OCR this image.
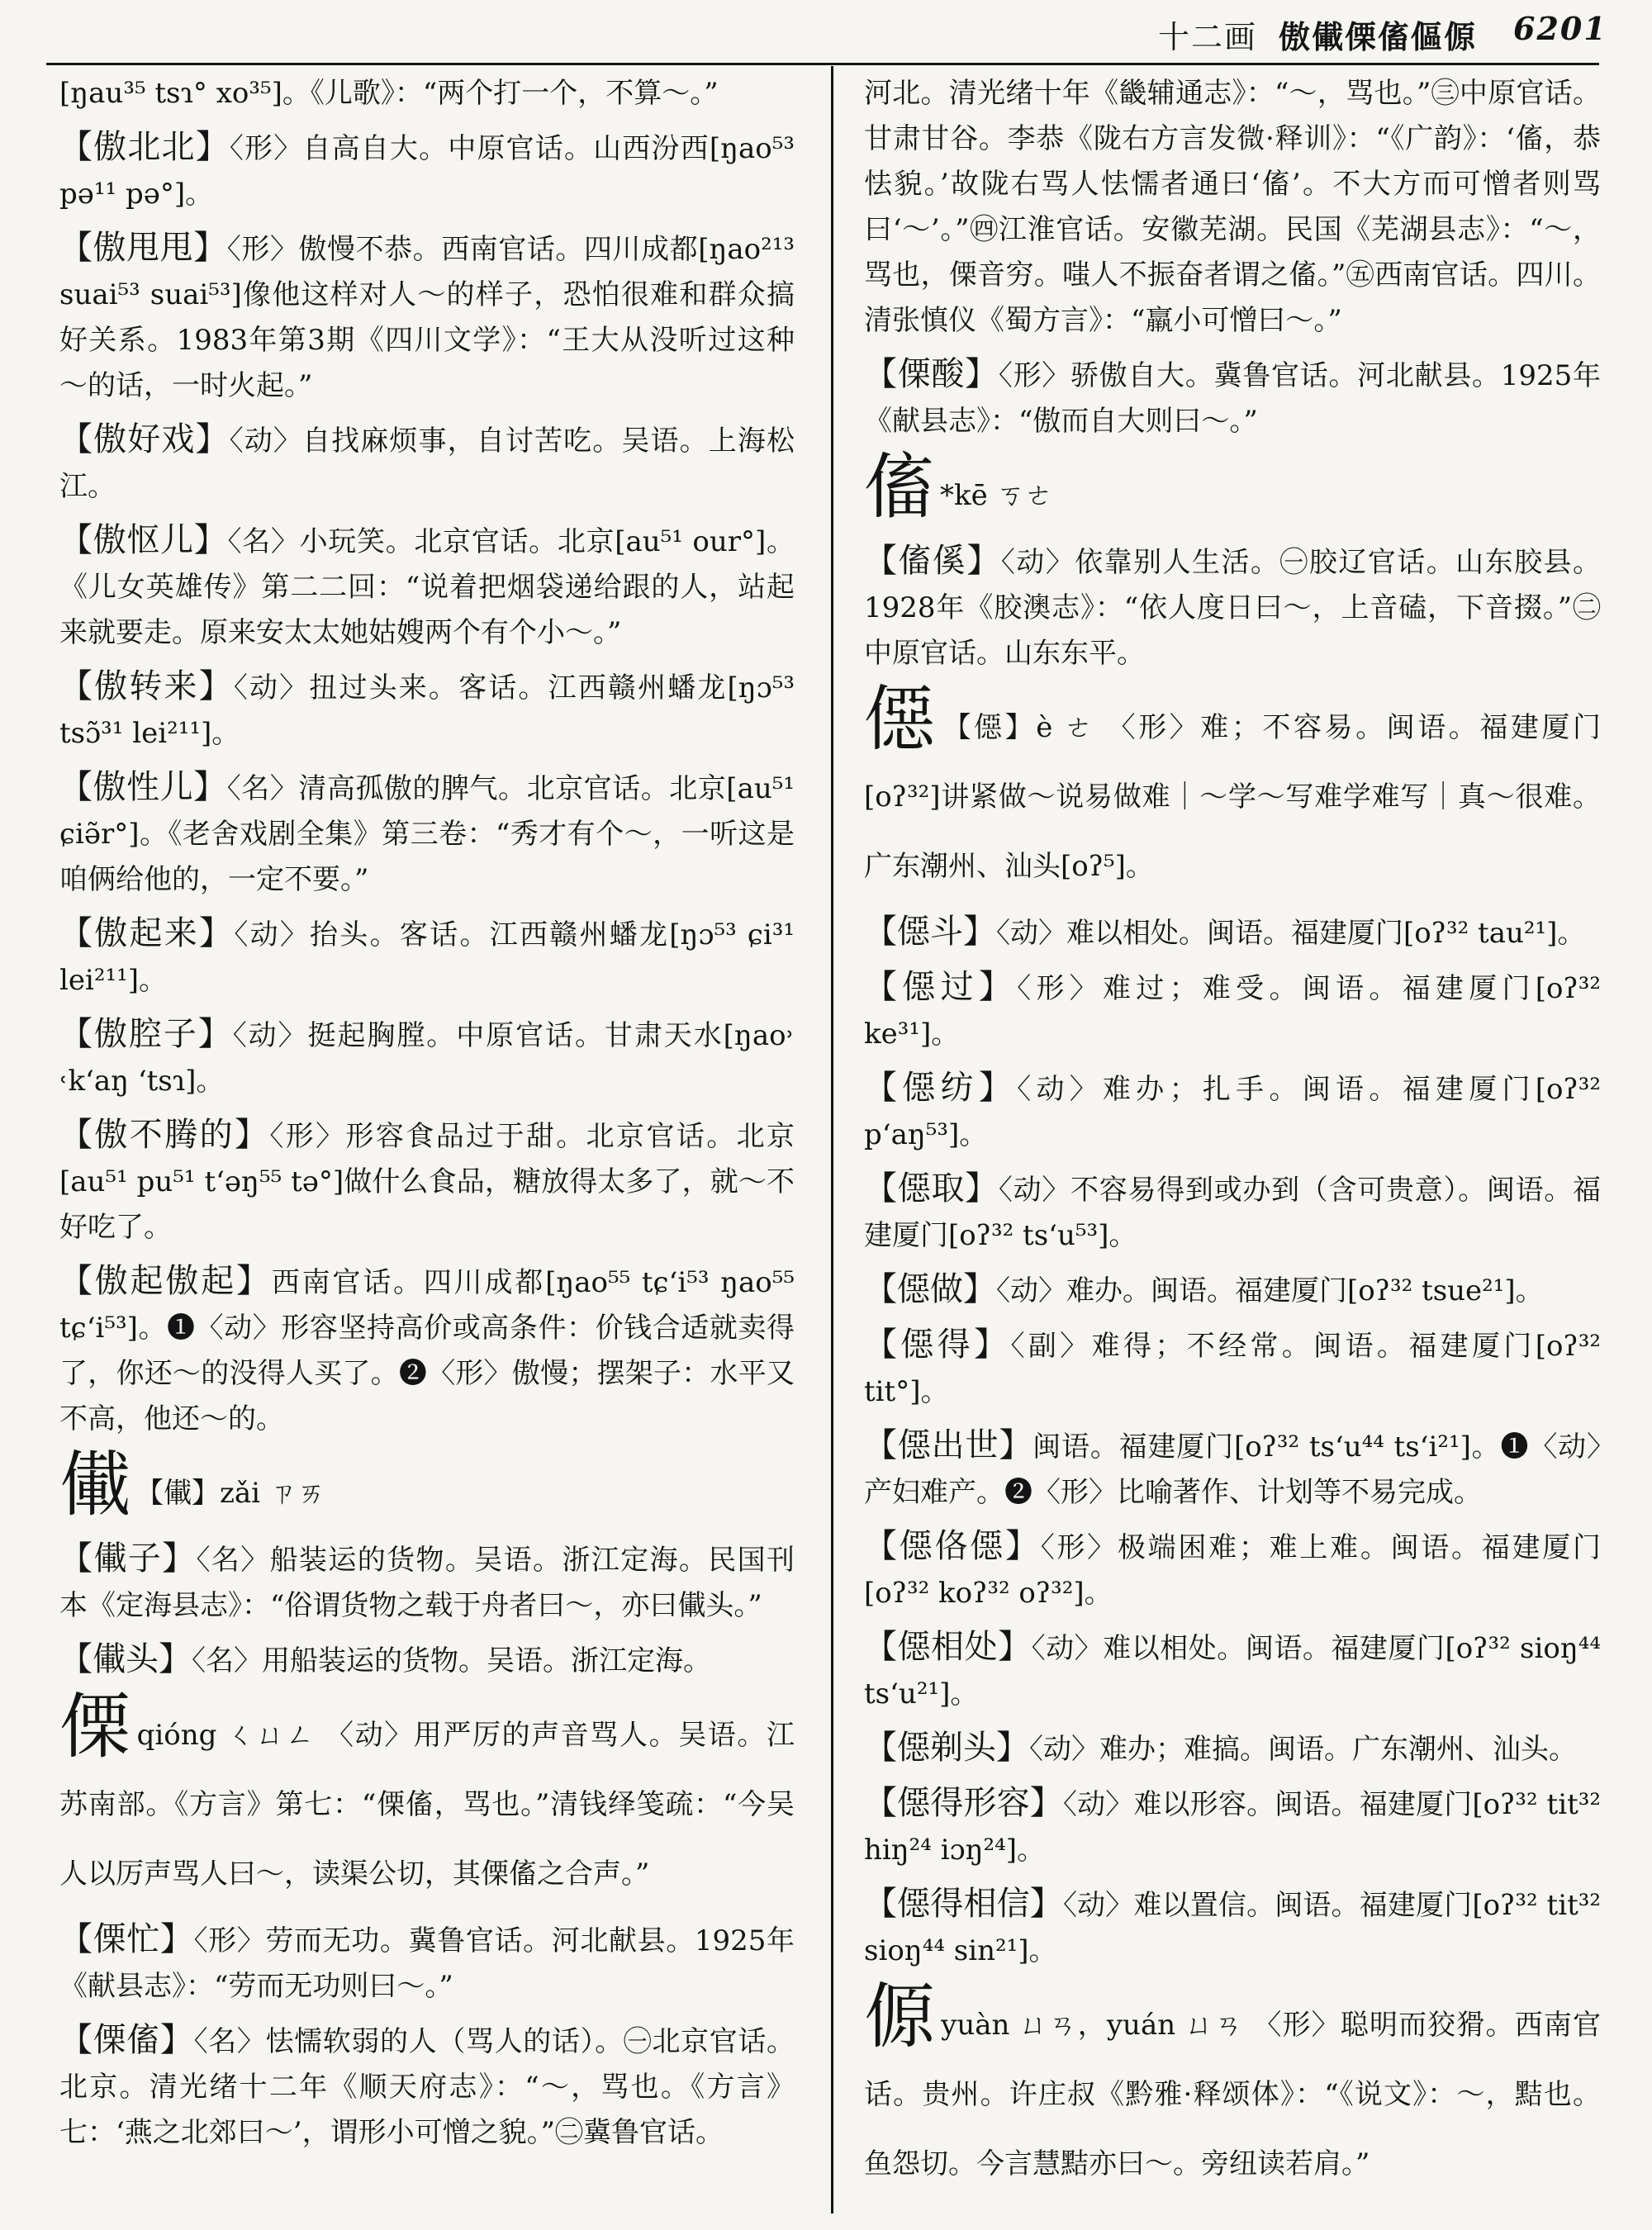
十二画 傲儎傈傗傴傆 6201

[ŋau³⁵ tsɿ° xo³⁵]。《儿歌》：“两个打一个，不算～。”

【傲北北】〈形〉自高自大。中原官话。山西汾西[ŋao⁵³ pə¹¹ pə°]。

【傲甩甩】〈形〉傲慢不恭。西南官话。四川成都[ŋao²¹³ suai⁵³ suai⁵³]像他这样对人～的样子，恐怕很难和群众搞好关系。1983年第3期《四川文学》：“王大从没听过这种～的话，一时火起。”

【傲好戏】〈动〉自找麻烦事，自讨苦吃。吴语。上海松江。

【傲怄儿】〈名〉小玩笑。北京官话。北京[au⁵¹ our°]。《儿女英雄传》第二二回：“说着把烟袋递给跟的人，站起来就要走。原来安太太她姑嫂两个有个小～。”

【傲转来】〈动〉扭过头来。客话。江西赣州蟠龙[ŋɔ⁵³ tsɔ̃³¹ lei²¹¹]。

【傲性儿】〈名〉清高孤傲的脾气。北京官话。北京[au⁵¹ ɕiə̃r°]。《老舍戏剧全集》第三卷：“秀才有个～，一听这是咱俩给他的，一定不要。”

【傲起来】〈动〉抬头。客话。江西赣州蟠龙[ŋɔ⁵³ ɕi³¹ lei²¹¹]。

【傲腔子】〈动〉挺起胸膛。中原官话。甘肃天水[ŋao˒ ˓k‘aŋ ‘tsɿ]。

【傲不腾的】〈形〉形容食品过于甜。北京官话。北京[au⁵¹ pu⁵¹ t‘əŋ⁵⁵ tə°]做什么食品，糖放得太多了，就～不好吃了。

【傲起傲起】西南官话。四川成都[ŋao⁵⁵ tɕ‘i⁵³ ŋao⁵⁵ tɕ‘i⁵³]。❶〈动〉形容坚持高价或高条件：价钱合适就卖得了，你还～的没得人买了。❷〈形〉傲慢；摆架子：水平又不高，他还～的。

儎 【儎】zǎi ㄗㄞ

【儎子】〈名〉船装运的货物。吴语。浙江定海。民国刊本《定海县志》：“俗谓货物之载于舟者曰～，亦曰儎头。”

【儎头】〈名〉用船装运的货物。吴语。浙江定海。

傈qióng ㄑㄩㄥ 〈动〉用严厉的声音骂人。吴语。江苏南部。《方言》第七：“傈傗，骂也。”清钱绎笺疏：“今吴人以厉声骂人曰～，读渠公切，其傈傗之合声。”

【傈忙】〈形〉劳而无功。冀鲁官话。河北献县。1925年《献县志》：“劳而无功则曰～。”

【傈傗】〈名〉怯懦软弱的人（骂人的话）。㊀北京官话。北京。清光绪十二年《顺天府志》：“～，骂也。《方言》七：‘燕之北郊曰～’，谓形小可憎之貌。”㊁冀鲁官话。

河北。清光绪十年《畿辅通志》：“～，骂也。”㊂中原官话。甘肃甘谷。李恭《陇右方言发微·释训》：“《广韵》：‘傗，恭怯貌。’故陇右骂人怯懦者通曰‘傗’。不大方而可憎者则骂曰‘～’。”㊃江淮官话。安徽芜湖。民国《芜湖县志》：“～，骂也，傈音穷。嗤人不振奋者谓之傗。”㊄西南官话。四川。清张慎仪《蜀方言》：“羸小可憎曰～。”

【傈酸】〈形〉骄傲自大。冀鲁官话。河北献县。1925年《献县志》：“傲而自大则曰～。”

傗 *kē ㄎㄜ

【傗傒】〈动〉依靠别人生活。㊀胶辽官话。山东胶县。1928年《胶澳志》：“依人度日曰～，上音磕，下音掇。”㊁中原官话。山东东平。

僫 【僫】è ㄜ 〈形〉难；不容易。闽语。福建厦门[oʔ³²]讲紧做～说易做难｜～学～写难学难写｜真～很难。广东潮州、汕头[oʔ⁵]。

【僫斗】〈动〉难以相处。闽语。福建厦门[oʔ³² tau²¹]。

【僫过】〈形〉难过；难受。闽语。福建厦门[oʔ³² ke³¹]。

【僫纺】〈动〉难办；扎手。闽语。福建厦门[oʔ³² p‘aŋ⁵³]。

【僫取】〈动〉不容易得到或办到（含可贵意）。闽语。福建厦门[oʔ³² ts‘u⁵³]。

【僫做】〈动〉难办。闽语。福建厦门[oʔ³² tsue²¹]。

【僫得】〈副〉难得；不经常。闽语。福建厦门[oʔ³² tit°]。

【僫出世】闽语。福建厦门[oʔ³² ts‘u⁴⁴ ts‘i²¹]。❶〈动〉产妇难产。❷〈形〉比喻著作、计划等不易完成。

【僫佫僫】〈形〉极端困难；难上难。闽语。福建厦门[oʔ³² koʔ³² oʔ³²]。

【僫相处】〈动〉难以相处。闽语。福建厦门[oʔ³² sioŋ⁴⁴ ts‘u²¹]。

【僫剃头】〈动〉难办；难搞。闽语。广东潮州、汕头。

【僫得形容】〈动〉难以形容。闽语。福建厦门[oʔ³² tit³² hiŋ²⁴ iɔŋ²⁴]。

【僫得相信】〈动〉难以置信。闽语。福建厦门[oʔ³² tit³² sioŋ⁴⁴ sin²¹]。

傆yuàn ㄩㄢ，yuán ㄩㄢ 〈形〉聪明而狡猾。西南官话。贵州。许庄叔《黔雅·释颂体》：“《说文》：～，黠也。鱼怨切。今言慧黠亦曰～。旁纽读若肩。”
